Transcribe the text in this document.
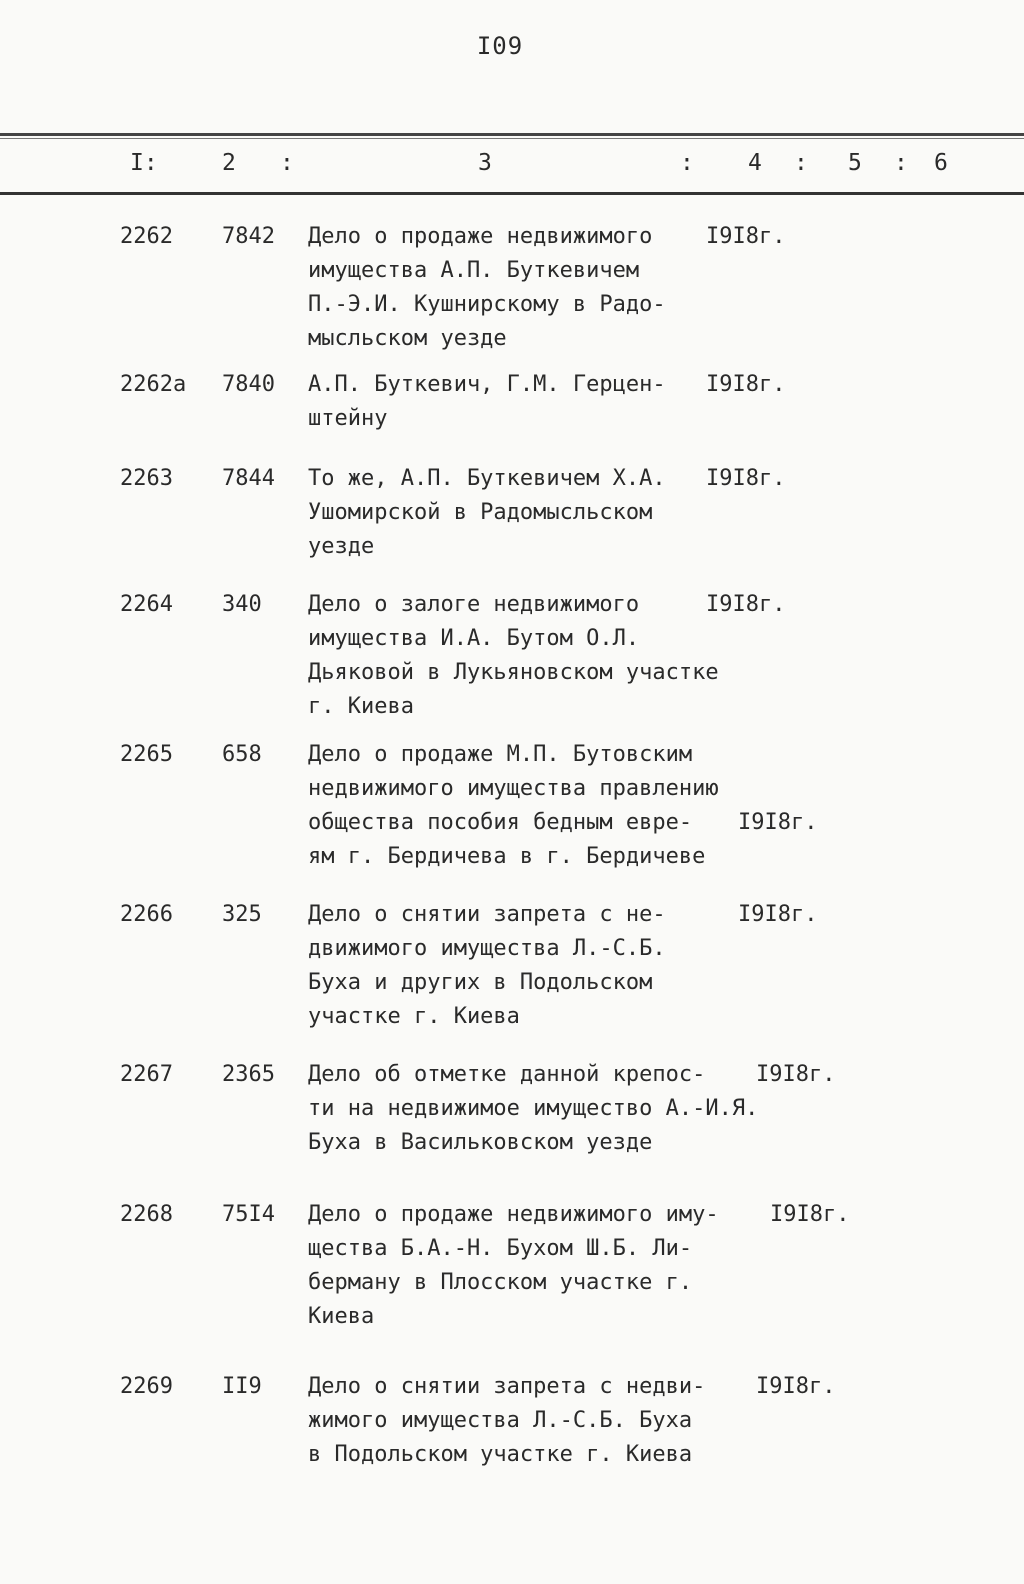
I09
I:	2 :	3	: 4 : 5 : 6
2262 7842 Дело о продаже недвижимого
имущества А.П. Буткевичем
П.-Э.И. Кушнирскому в Радо-
мысльском уезде
I9I8г.
2262а 7840 А.П. Буткевич, Г.М. Герцен-
штейну
I9I8г.
2263 7844 То же, А.П. Буткевичем Х.А.
Ушомирской в Радомысльском
уезде
I9I8г.
2264 340 Дело о залоге недвижимого
имущества И.А. Бутом О.Л.
Дьяковой в Лукьяновском участке
г. Киева
I9I8г.
2265 658 Дело о продаже М.П. Бутовским
недвижимого имущества правлению
общества пособия бедным евре-
ям г. Бердичева в г. Бердичеве
I9I8г.
2266 325 Дело о снятии запрета с не-
движимого имущества Л.-С.Б.
Буха и других в Подольском
участке г. Киева
I9I8г.
2267 2365 Дело об отметке данной крепос-
ти на недвижимое имущество А.-И.Я.
Буха в Васильковском уезде
I9I8г.
2268 75I4 Дело о продаже недвижимого иму-
щества Б.А.-Н. Бухом Ш.Б. Ли-
берману в Плосском участке г.
Киева
I9I8г.
2269 II9 Дело о снятии запрета с недви-
жимого имущества Л.-С.Б. Буха
в Подольском участке г. Киева
I9I8г.
